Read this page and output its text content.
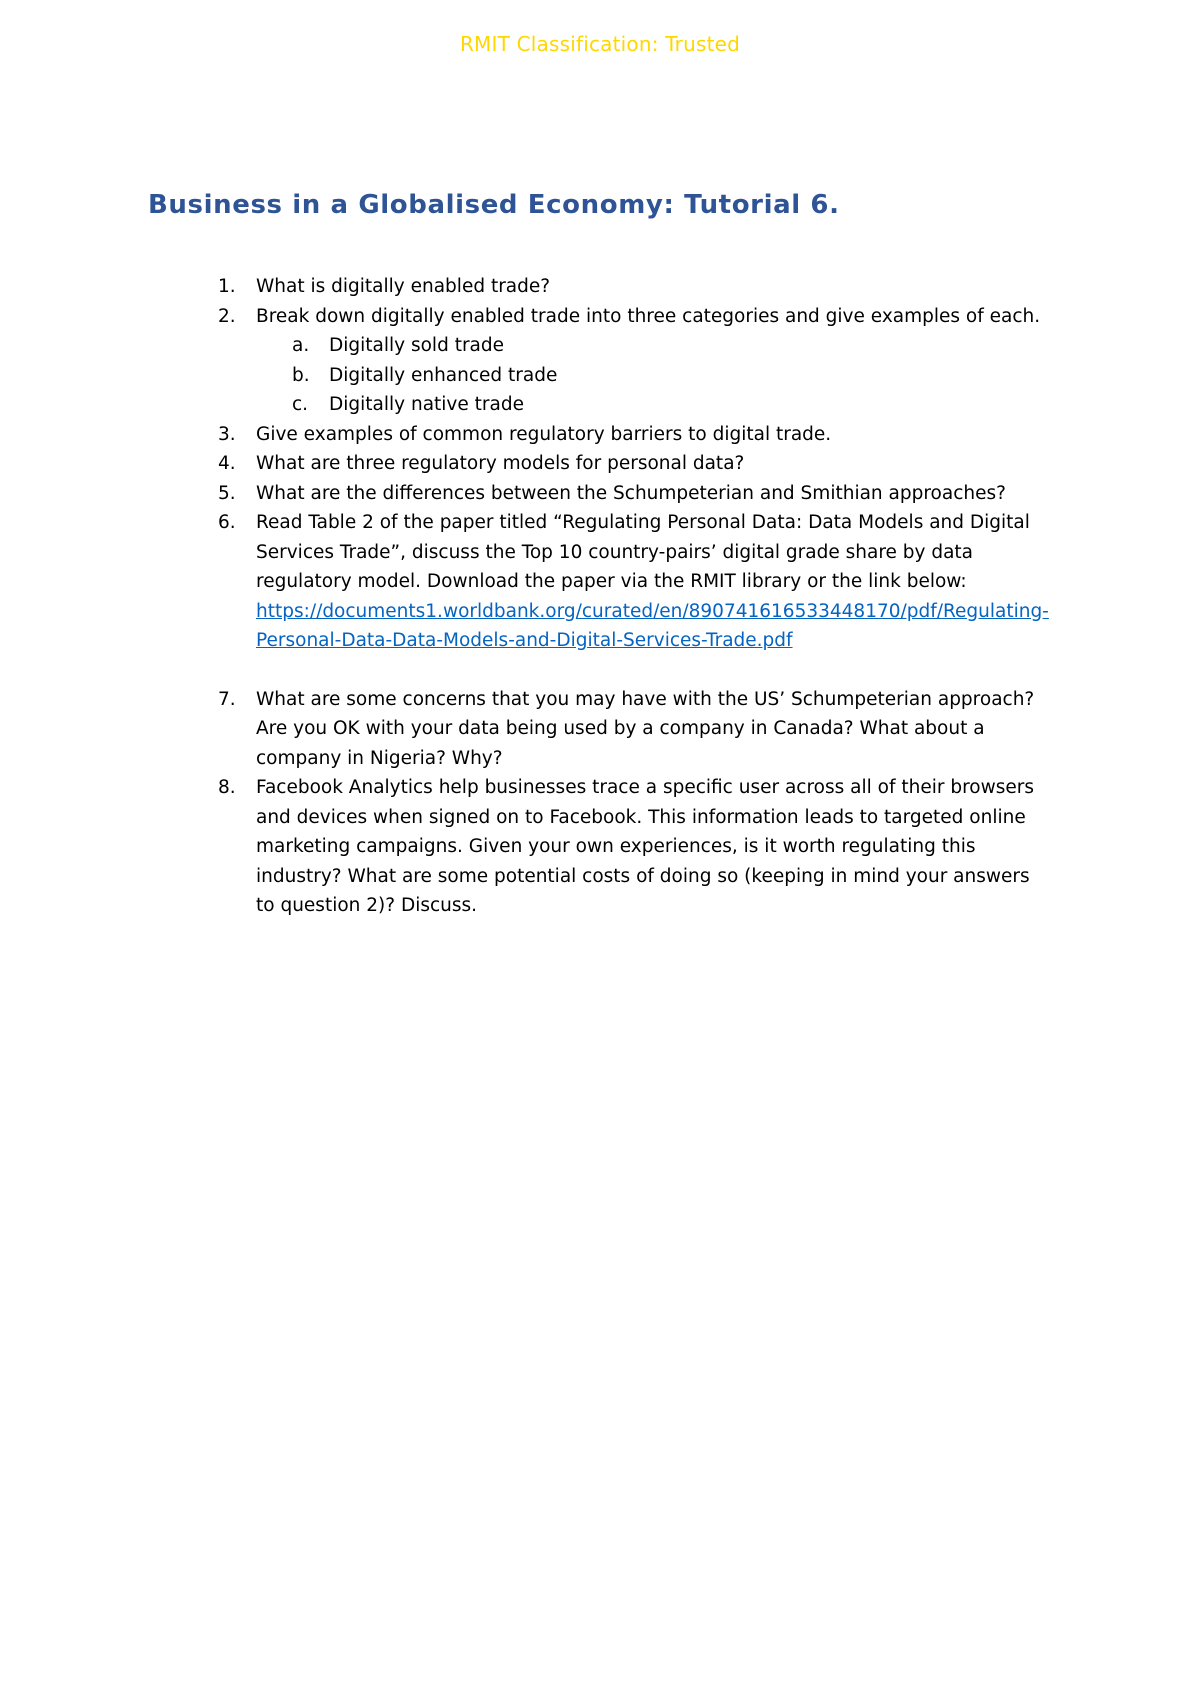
RMIT Classification: Trusted
Business in a Globalised Economy: Tutorial 6.
1. What is digitally enabled trade?
2. Break down digitally enabled trade into three categories and give examples of each.
a. Digitally sold trade
b. Digitally enhanced trade
c. Digitally native trade
3. Give examples of common regulatory barriers to digital trade.
4. What are three regulatory models for personal data?
5. What are the differences between the Schumpeterian and Smithian approaches?
6. Read Table 2 of the paper titled “Regulating Personal Data: Data Models and Digital Services Trade”, discuss the Top 10 country-pairs’ digital grade share by data regulatory model. Download the paper via the RMIT library or the link below:
https://documents1.worldbank.org/curated/en/890741616533448170/pdf/Regulating-Personal-Data-Data-Models-and-Digital-Services-Trade.pdf
7. What are some concerns that you may have with the US’ Schumpeterian approach? Are you OK with your data being used by a company in Canada? What about a company in Nigeria? Why?
8. Facebook Analytics help businesses trace a specific user across all of their browsers and devices when signed on to Facebook. This information leads to targeted online marketing campaigns. Given your own experiences, is it worth regulating this industry? What are some potential costs of doing so (keeping in mind your answers to question 2)? Discuss.
